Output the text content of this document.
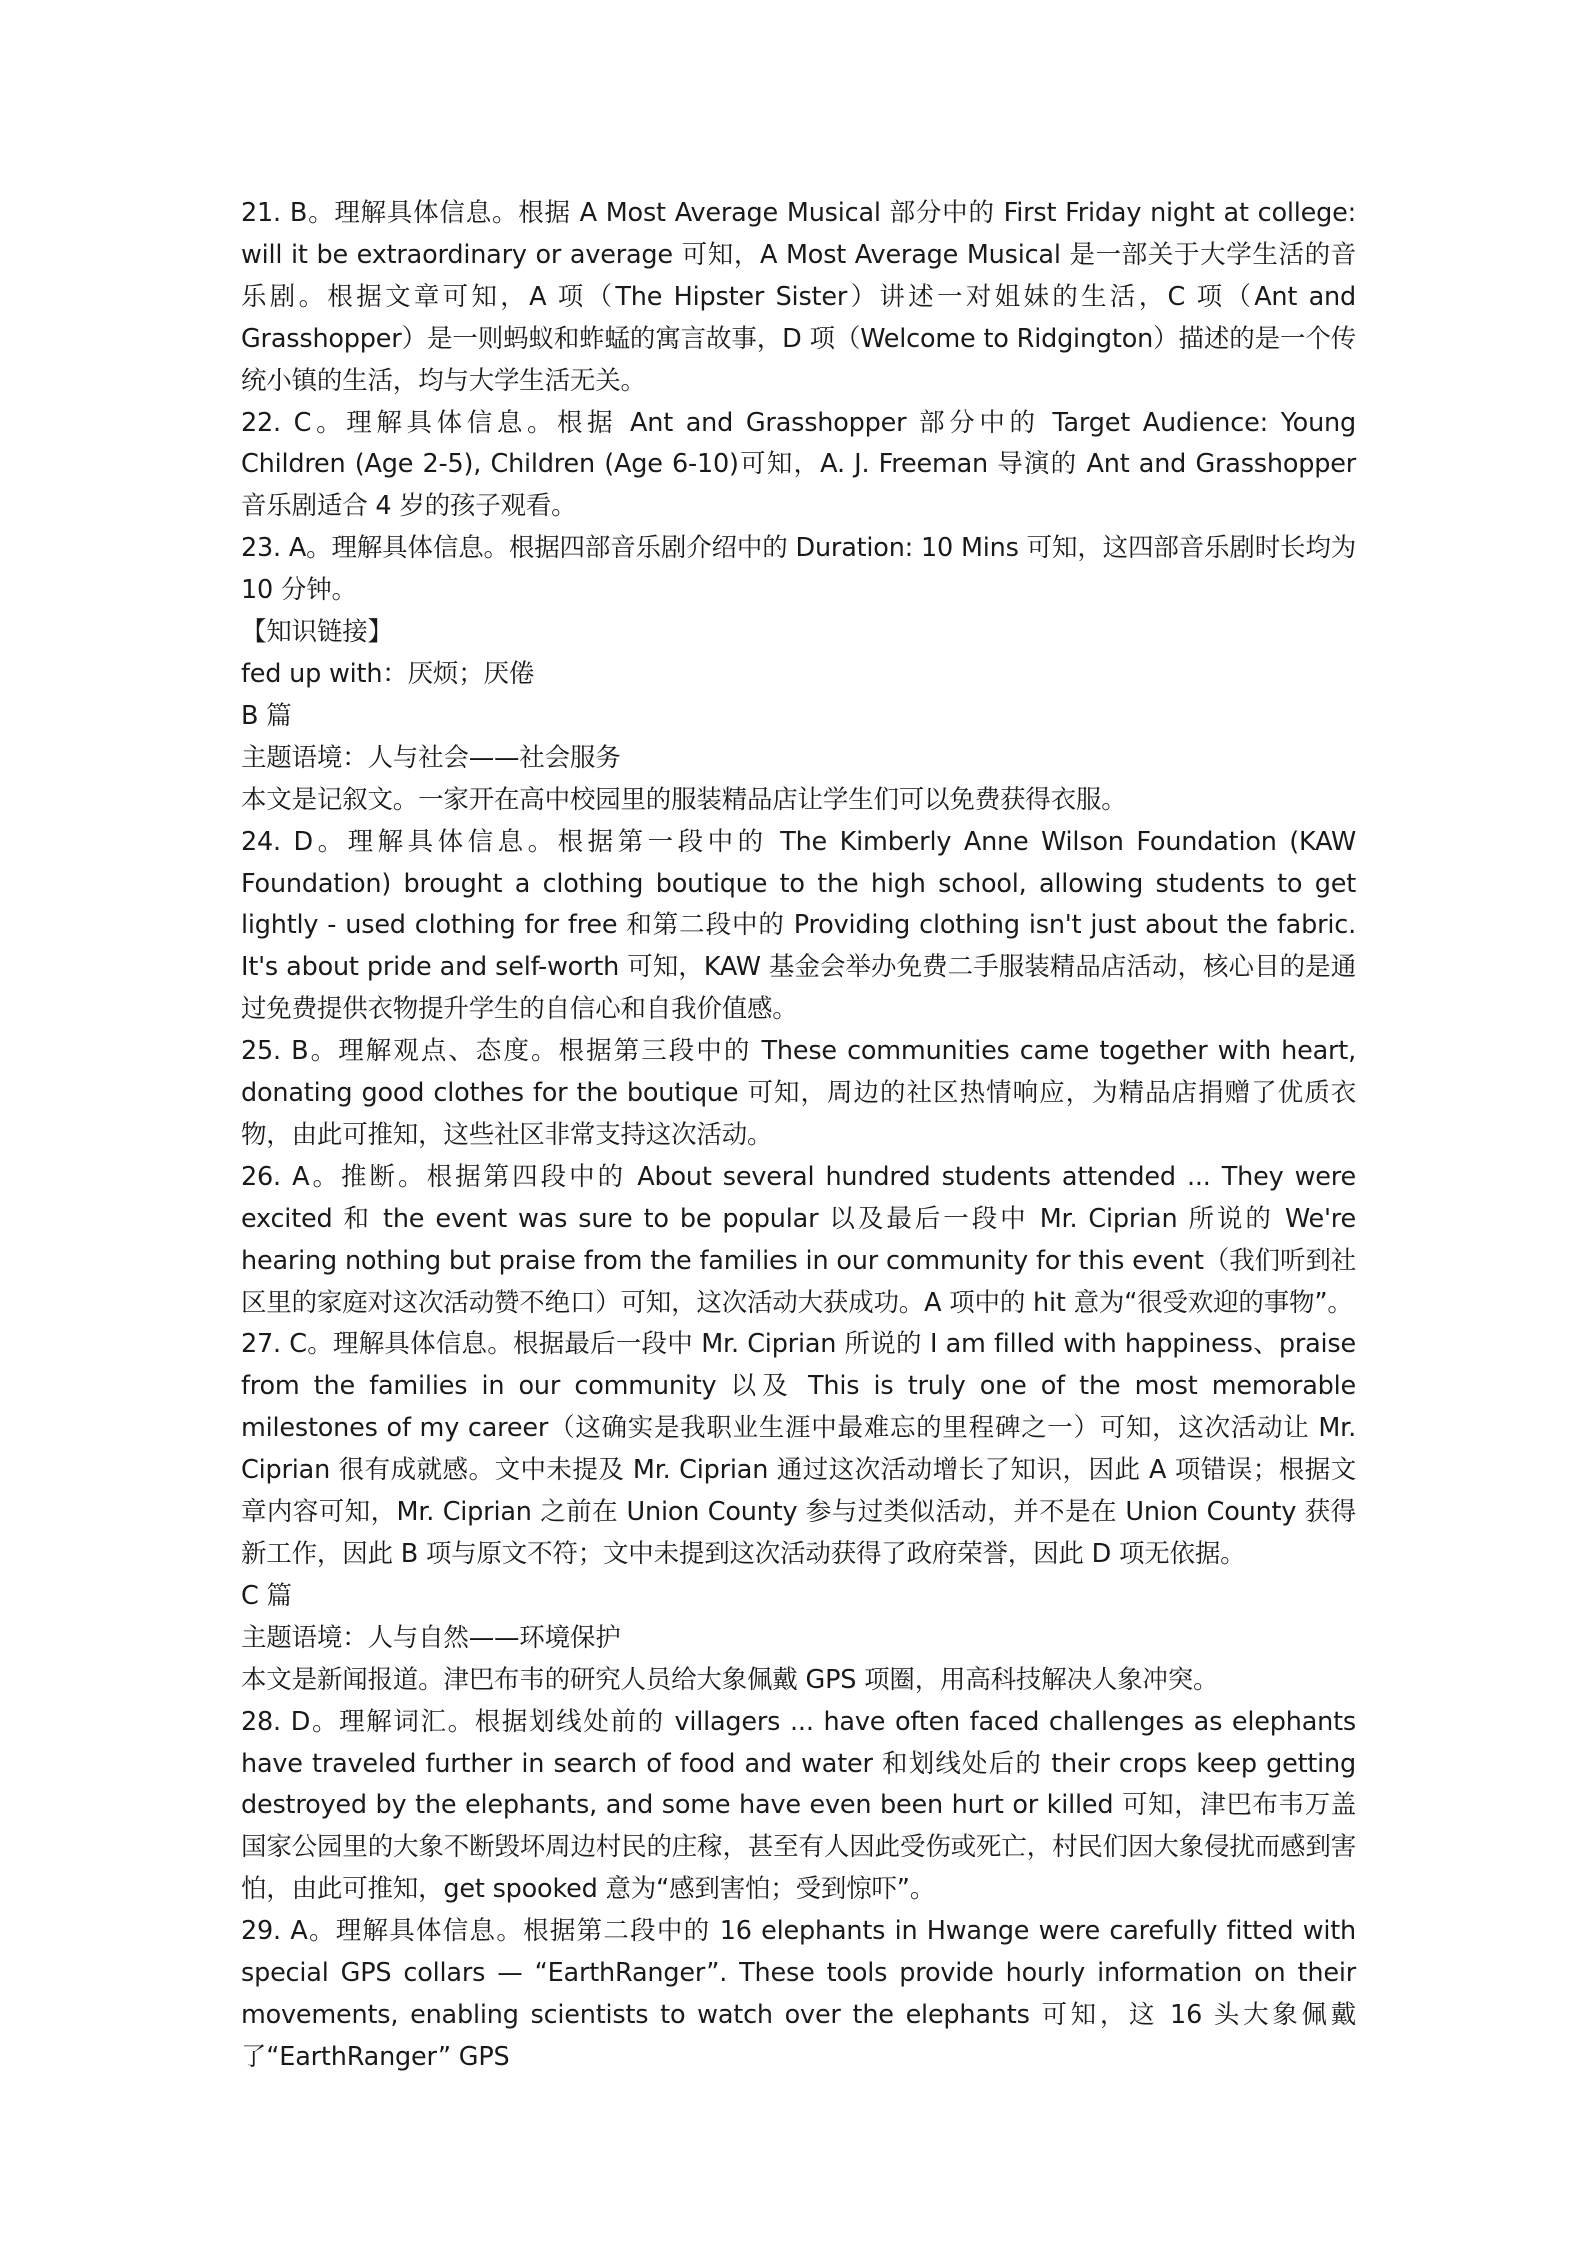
21. B。理解具体信息。根据 A Most Average Musical 部分中的 First Friday night at college: will it be extraordinary or average 可知，A Most Average Musical 是一部关于大学生活的音乐剧。根据文章可知，A 项（The Hipster Sister）讲述一对姐妹的生活，C 项（Ant and Grasshopper）是一则蚂蚁和蚱蜢的寓言故事，D 项（Welcome to Ridgington）描述的是一个传统小镇的生活，均与大学生活无关。

22. C。理解具体信息。根据 Ant and Grasshopper 部分中的 Target Audience: Young Children (Age 2-5), Children (Age 6-10)可知，A. J. Freeman 导演的 Ant and Grasshopper 音乐剧适合 4 岁的孩子观看。

23. A。理解具体信息。根据四部音乐剧介绍中的 Duration: 10 Mins 可知，这四部音乐剧时长均为 10 分钟。

【知识链接】

fed up with：厌烦；厌倦

B 篇

主题语境：人与社会——社会服务

本文是记叙文。一家开在高中校园里的服装精品店让学生们可以免费获得衣服。

24. D。理解具体信息。根据第一段中的 The Kimberly Anne Wilson Foundation (KAW Foundation) brought a clothing boutique to the high school, allowing students to get lightly - used clothing for free 和第二段中的 Providing clothing isn't just about the fabric. It's about pride and self-worth 可知，KAW 基金会举办免费二手服装精品店活动，核心目的是通过免费提供衣物提升学生的自信心和自我价值感。

25. B。理解观点、态度。根据第三段中的 These communities came together with heart, donating good clothes for the boutique 可知，周边的社区热情响应，为精品店捐赠了优质衣物，由此可推知，这些社区非常支持这次活动。

26. A。推断。根据第四段中的 About several hundred students attended ... They were excited 和 the event was sure to be popular 以及最后一段中 Mr. Ciprian 所说的 We're hearing nothing but praise from the families in our community for this event（我们听到社区里的家庭对这次活动赞不绝口）可知，这次活动大获成功。A 项中的 hit 意为“很受欢迎的事物”。

27. C。理解具体信息。根据最后一段中 Mr. Ciprian 所说的 I am filled with happiness、praise from the families in our community 以及 This is truly one of the most memorable milestones of my career（这确实是我职业生涯中最难忘的里程碑之一）可知，这次活动让 Mr. Ciprian 很有成就感。文中未提及 Mr. Ciprian 通过这次活动增长了知识，因此 A 项错误；根据文章内容可知，Mr. Ciprian 之前在 Union County 参与过类似活动，并不是在 Union County 获得新工作，因此 B 项与原文不符；文中未提到这次活动获得了政府荣誉，因此 D 项无依据。

C 篇

主题语境：人与自然——环境保护

本文是新闻报道。津巴布韦的研究人员给大象佩戴 GPS 项圈，用高科技解决人象冲突。

28. D。理解词汇。根据划线处前的 villagers ... have often faced challenges as elephants have traveled further in search of food and water 和划线处后的 their crops keep getting destroyed by the elephants, and some have even been hurt or killed 可知，津巴布韦万盖国家公园里的大象不断毁坏周边村民的庄稼，甚至有人因此受伤或死亡，村民们因大象侵扰而感到害怕，由此可推知，get spooked 意为“感到害怕；受到惊吓”。

29. A。理解具体信息。根据第二段中的 16 elephants in Hwange were carefully fitted with special GPS collars — “EarthRanger”. These tools provide hourly information on their movements, enabling scientists to watch over the elephants 可知，这 16 头大象佩戴了“EarthRanger” GPS
